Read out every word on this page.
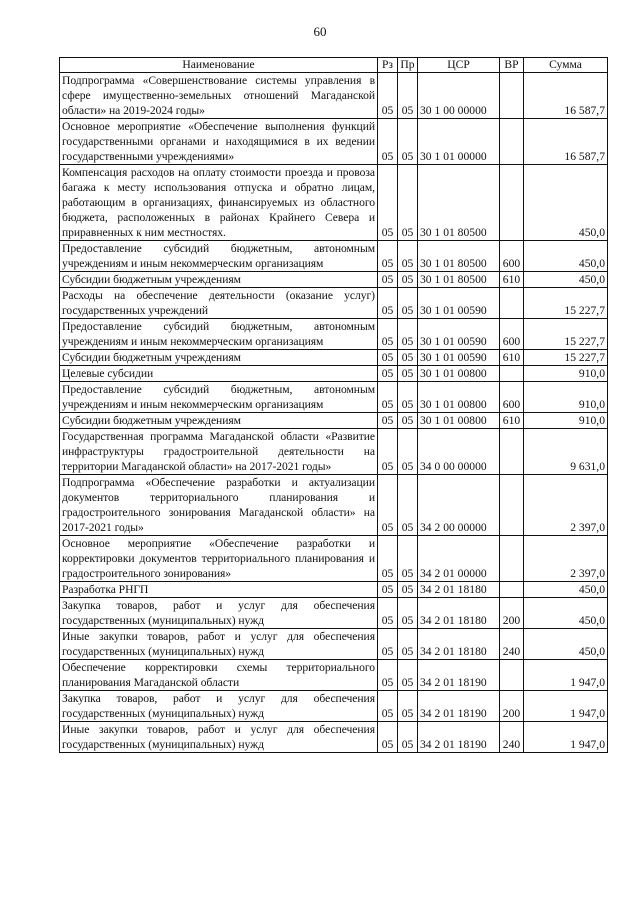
60
Наименование	Рз	Пр	ЦСР	ВР	Сумма
Подпрограмма «Совершенствование системы управления в сфере имущественно-земельных отношений Магаданской области» на 2019-2024 годы»	05	05	30 1 00 00000		16 587,7
Основное мероприятие «Обеспечение выполнения функций государственными органами и находящимися в их ведении государственными учреждениями»	05	05	30 1 01 00000		16 587,7
Компенсация расходов на оплату стоимости проезда и провоза багажа к месту использования отпуска и обратно лицам, работающим в организациях, финансируемых из областного бюджета, расположенных в районах Крайнего Севера и приравненных к ним местностях.	05	05	30 1 01 80500		450,0
Предоставление субсидий бюджетным, автономным учреждениям и иным некоммерческим организациям	05	05	30 1 01 80500	600	450,0
Субсидии бюджетным учреждениям	05	05	30 1 01 80500	610	450,0
Расходы на обеспечение деятельности (оказание услуг) государственных учреждений	05	05	30 1 01 00590		15 227,7
Предоставление субсидий бюджетным, автономным учреждениям и иным некоммерческим организациям	05	05	30 1 01 00590	600	15 227,7
Субсидии бюджетным учреждениям	05	05	30 1 01 00590	610	15 227,7
Целевые субсидии	05	05	30 1 01 00800		910,0
Предоставление субсидий бюджетным, автономным учреждениям и иным некоммерческим организациям	05	05	30 1 01 00800	600	910,0
Субсидии бюджетным учреждениям	05	05	30 1 01 00800	610	910,0
Государственная программа Магаданской области «Развитие инфраструктуры градостроительной деятельности на территории Магаданской области» на 2017-2021 годы»	05	05	34 0 00 00000		9 631,0
Подпрограмма «Обеспечение разработки и актуализации документов территориального планирования и градостроительного зонирования Магаданской области» на 2017-2021 годы»	05	05	34 2 00 00000		2 397,0
Основное мероприятие «Обеспечение разработки и корректировки документов территориального планирования и градостроительного зонирования»	05	05	34 2 01 00000		2 397,0
Разработка РНГП	05	05	34 2 01 18180		450,0
Закупка товаров, работ и услуг для обеспечения государственных (муниципальных) нужд	05	05	34 2 01 18180	200	450,0
Иные закупки товаров, работ и услуг для обеспечения государственных (муниципальных) нужд	05	05	34 2 01 18180	240	450,0
Обеспечение корректировки схемы территориального планирования Магаданской области	05	05	34 2 01 18190		1 947,0
Закупка товаров, работ и услуг для обеспечения государственных (муниципальных) нужд	05	05	34 2 01 18190	200	1 947,0
Иные закупки товаров, работ и услуг для обеспечения государственных (муниципальных) нужд	05	05	34 2 01 18190	240	1 947,0
